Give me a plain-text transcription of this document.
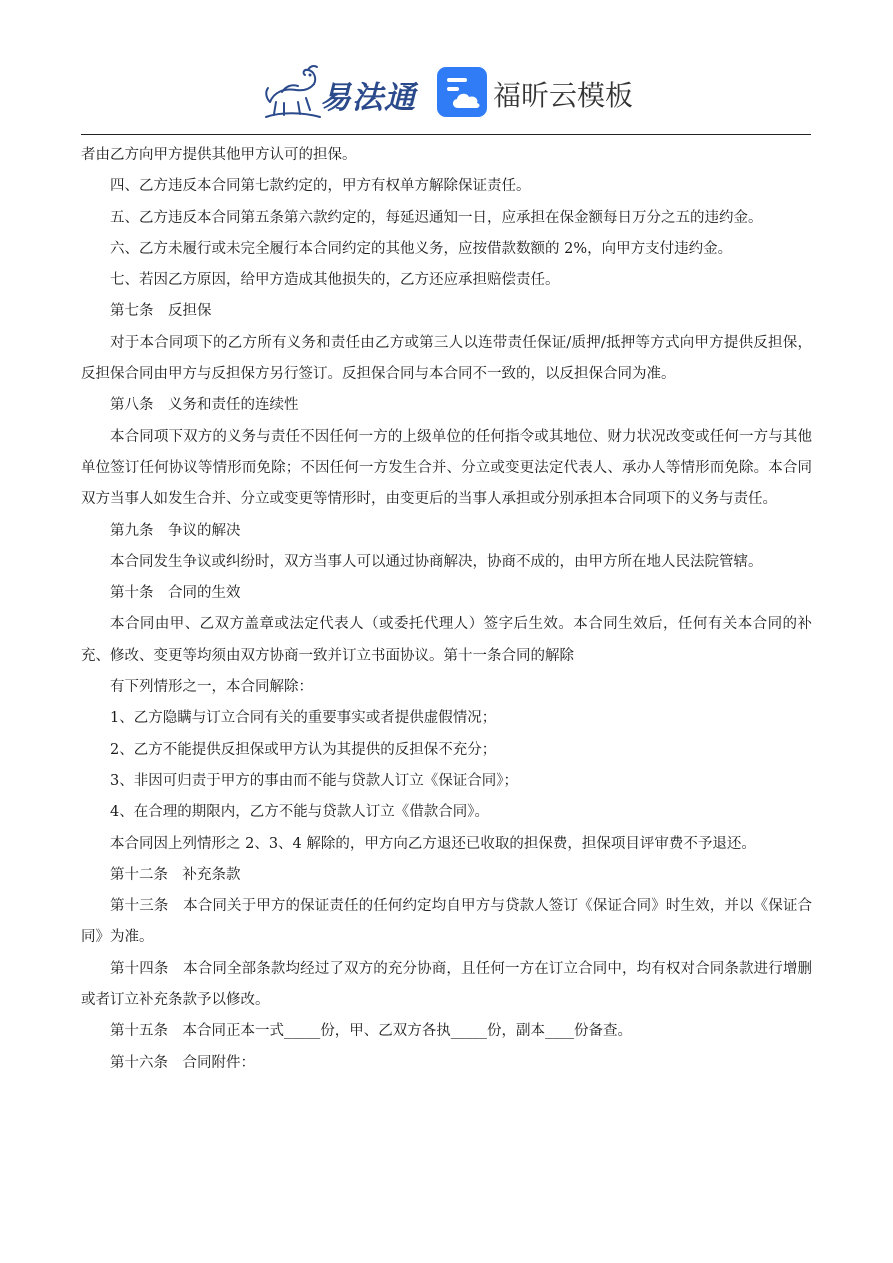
易法通	福昕云模板

者由乙方向甲方提供其他甲方认可的担保。

四、乙方违反本合同第七款约定的，甲方有权单方解除保证责任。

五、乙方违反本合同第五条第六款约定的，每延迟通知一日，应承担在保金额每日万分之五的违约金。

六、乙方未履行或未完全履行本合同约定的其他义务，应按借款数额的 2%，向甲方支付违约金。

七、若因乙方原因，给甲方造成其他损失的，乙方还应承担赔偿责任。

第七条　反担保

对于本合同项下的乙方所有义务和责任由乙方或第三人以连带责任保证/质押/抵押等方式向甲方提供反担保，反担保合同由甲方与反担保方另行签订。反担保合同与本合同不一致的，以反担保合同为准。

第八条　义务和责任的连续性

本合同项下双方的义务与责任不因任何一方的上级单位的任何指令或其地位、财力状况改变或任何一方与其他单位签订任何协议等情形而免除；不因任何一方发生合并、分立或变更法定代表人、承办人等情形而免除。本合同双方当事人如发生合并、分立或变更等情形时，由变更后的当事人承担或分别承担本合同项下的义务与责任。

第九条　争议的解决

本合同发生争议或纠纷时，双方当事人可以通过协商解决，协商不成的，由甲方所在地人民法院管辖。

第十条　合同的生效

本合同由甲、乙双方盖章或法定代表人（或委托代理人）签字后生效。本合同生效后，任何有关本合同的补充、修改、变更等均须由双方协商一致并订立书面协议。第十一条合同的解除

有下列情形之一，本合同解除：

1、乙方隐瞒与订立合同有关的重要事实或者提供虚假情况；

2、乙方不能提供反担保或甲方认为其提供的反担保不充分；

3、非因可归责于甲方的事由而不能与贷款人订立《保证合同》；

4、在合理的期限内，乙方不能与贷款人订立《借款合同》。

本合同因上列情形之 2、3、4 解除的，甲方向乙方退还已收取的担保费，担保项目评审费不予退还。

第十二条　补充条款

第十三条　本合同关于甲方的保证责任的任何约定均自甲方与贷款人签订《保证合同》时生效，并以《保证合同》为准。

第十四条　本合同全部条款均经过了双方的充分协商，且任何一方在订立合同中，均有权对合同条款进行增删或者订立补充条款予以修改。

第十五条　本合同正本一式_____份，甲、乙双方各执_____份，副本____份备查。

第十六条　合同附件：
